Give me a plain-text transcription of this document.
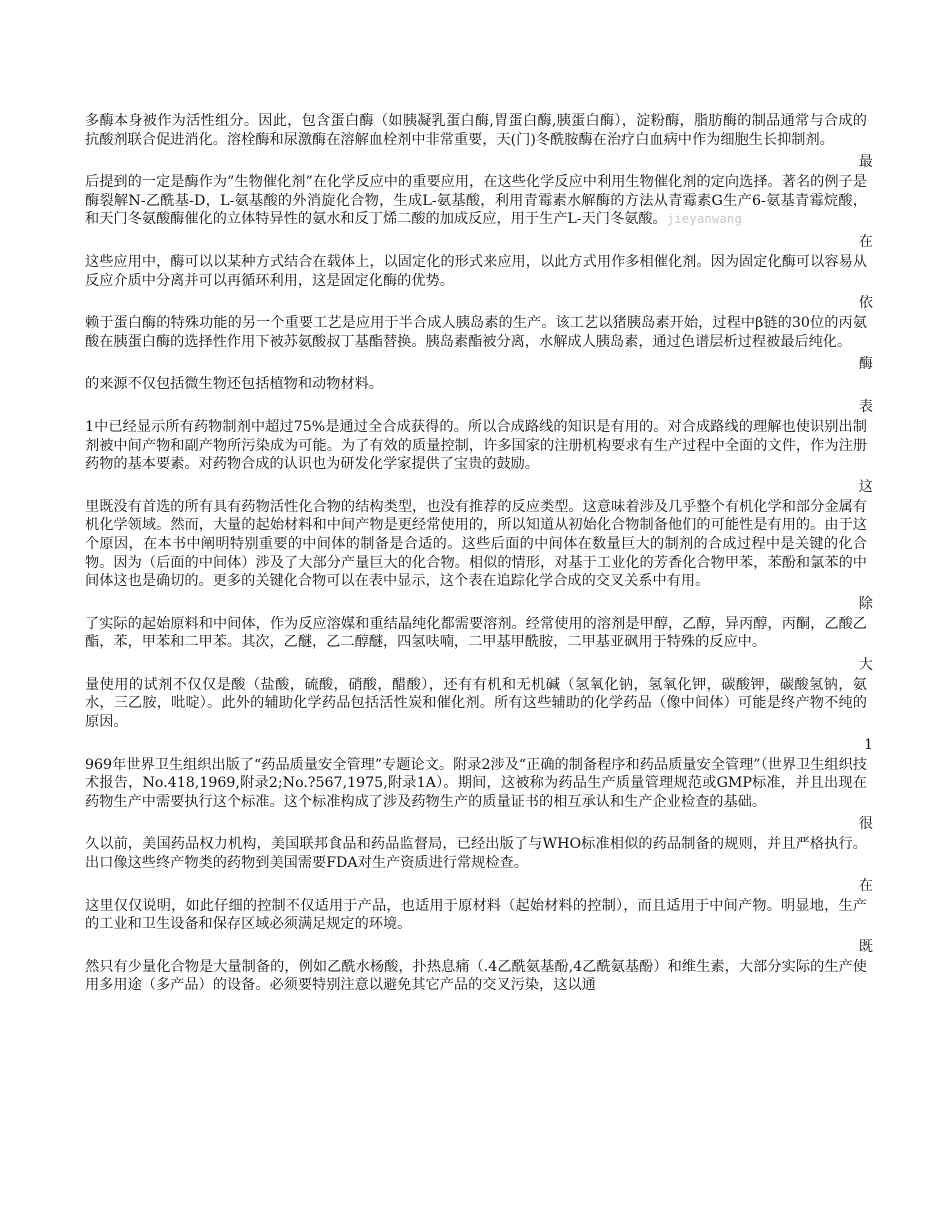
多酶本身被作为活性组分。因此，包含蛋白酶（如胰凝乳蛋白酶,胃蛋白酶,胰蛋白酶），淀粉酶，脂肪酶的制品通常与合成的抗酸剂联合促进消化。溶栓酶和尿激酶在溶解血栓剂中非常重要，天(门)冬酰胺酶在治疗白血病中作为细胞生长抑制剂。

最

后提到的一定是酶作为”生物催化剂”在化学反应中的重要应用，在这些化学反应中利用生物催化剂的定向选择。著名的例子是酶裂解N-乙酰基-D，L-氨基酸的外消旋化合物，生成L-氨基酸，利用青霉素水解酶的方法从青霉素G生产6-氨基青霉烷酸，和天门冬氨酸酶催化的立体特异性的氨水和反丁烯二酸的加成反应，用于生产L-天门冬氨酸。jieyanwang

在

这些应用中，酶可以以某种方式结合在载体上，以固定化的形式来应用，以此方式用作多相催化剂。因为固定化酶可以容易从反应介质中分离并可以再循环利用，这是固定化酶的优势。

依

赖于蛋白酶的特殊功能的另一个重要工艺是应用于半合成人胰岛素的生产。该工艺以猪胰岛素开始，过程中β链的30位的丙氨酸在胰蛋白酶的选择性作用下被苏氨酸叔丁基酯替换。胰岛素酯被分离，水解成人胰岛素，通过色谱层析过程被最后纯化。

酶

的来源不仅包括微生物还包括植物和动物材料。

表

1中已经显示所有药物制剂中超过75%是通过全合成获得的。所以合成路线的知识是有用的。对合成路线的理解也使识别出制剂被中间产物和副产物所污染成为可能。为了有效的质量控制，许多国家的注册机构要求有生产过程中全面的文件，作为注册药物的基本要素。对药物合成的认识也为研发化学家提供了宝贵的鼓励。

这

里既没有首选的所有具有药物活性化合物的结构类型，也没有推荐的反应类型。这意味着涉及几乎整个有机化学和部分金属有机化学领域。然而，大量的起始材料和中间产物是更经常使用的，所以知道从初始化合物制备他们的可能性是有用的。由于这个原因，在本书中阐明特别重要的中间体的制备是合适的。这些后面的中间体在数量巨大的制剂的合成过程中是关键的化合物。因为（后面的中间体）涉及了大部分产量巨大的化合物。相似的情形，对基于工业化的芳香化合物甲苯，苯酚和氯苯的中间体这也是确切的。更多的关键化合物可以在表中显示，这个表在追踪化学合成的交叉关系中有用。

除

了实际的起始原料和中间体，作为反应溶媒和重结晶纯化都需要溶剂。经常使用的溶剂是甲醇，乙醇，异丙醇，丙酮，乙酸乙酯，苯，甲苯和二甲苯。其次，乙醚，乙二醇醚，四氢呋喃，二甲基甲酰胺，二甲基亚砜用于特殊的反应中。

大

量使用的试剂不仅仅是酸（盐酸，硫酸，硝酸，醋酸），还有有机和无机碱（氢氧化钠，氢氧化钾，碳酸钾，碳酸氢钠，氨水，三乙胺，吡啶）。此外的辅助化学药品包括活性炭和催化剂。所有这些辅助的化学药品（像中间体）可能是终产物不纯的原因。

1

969年世界卫生组织出版了“药品质量安全管理”专题论文。附录2涉及“正确的制备程序和药品质量安全管理”（世界卫生组织技术报告，No.418,1969,附录2;No.?567,1975,附录1A）。期间，这被称为药品生产质量管理规范或GMP标准，并且出现在药物生产中需要执行这个标准。这个标准构成了涉及药物生产的质量证书的相互承认和生产企业检查的基础。

很

久以前，美国药品权力机构，美国联邦食品和药品监督局，已经出版了与WHO标准相似的药品制备的规则，并且严格执行。出口像这些终产物类的药物到美国需要FDA对生产资质进行常规检查。

在

这里仅仅说明，如此仔细的控制不仅适用于产品，也适用于原材料（起始材料的控制），而且适用于中间产物。明显地，生产的工业和卫生设备和保存区域必须满足规定的环境。

既

然只有少量化合物是大量制备的，例如乙酰水杨酸，扑热息痛（.4乙酰氨基酚,4乙酰氨基酚）和维生素，大部分实际的生产使用多用途（多产品）的设备。必须要特别注意以避免其它产品的交叉污染，这以通
